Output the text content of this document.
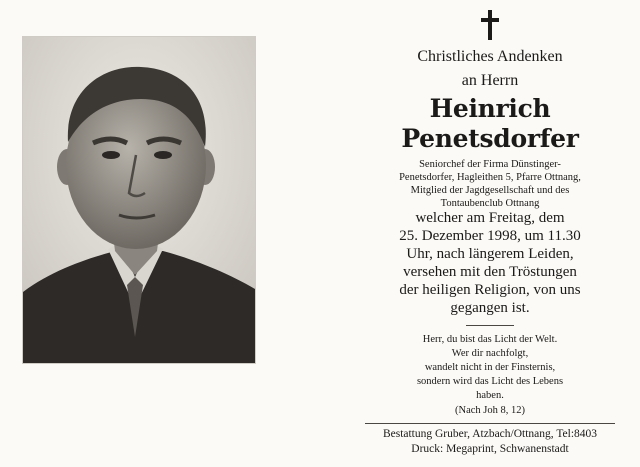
Christliches Andenken
an Herrn
Heinrich
Penetsdorfer
Seniorchef der Firma Dünstinger-
Penetsdorfer, Hagleithen 5, Pfarre Ottnang,
Mitglied der Jagdgesellschaft und des
Tontaubenclub Ottnang
welcher am Freitag, dem
25. Dezember 1998, um 11.30
Uhr, nach längerem Leiden,
versehen mit den Tröstungen
der heiligen Religion, von uns
gegangen ist.
Herr, du bist das Licht der Welt.
Wer dir nachfolgt,
wandelt nicht in der Finsternis,
sondern wird das Licht des Lebens
haben.
(Nach Joh 8, 12)
Bestattung Gruber, Atzbach/Ottnang, Tel:8403
Druck: Megaprint, Schwanenstadt
